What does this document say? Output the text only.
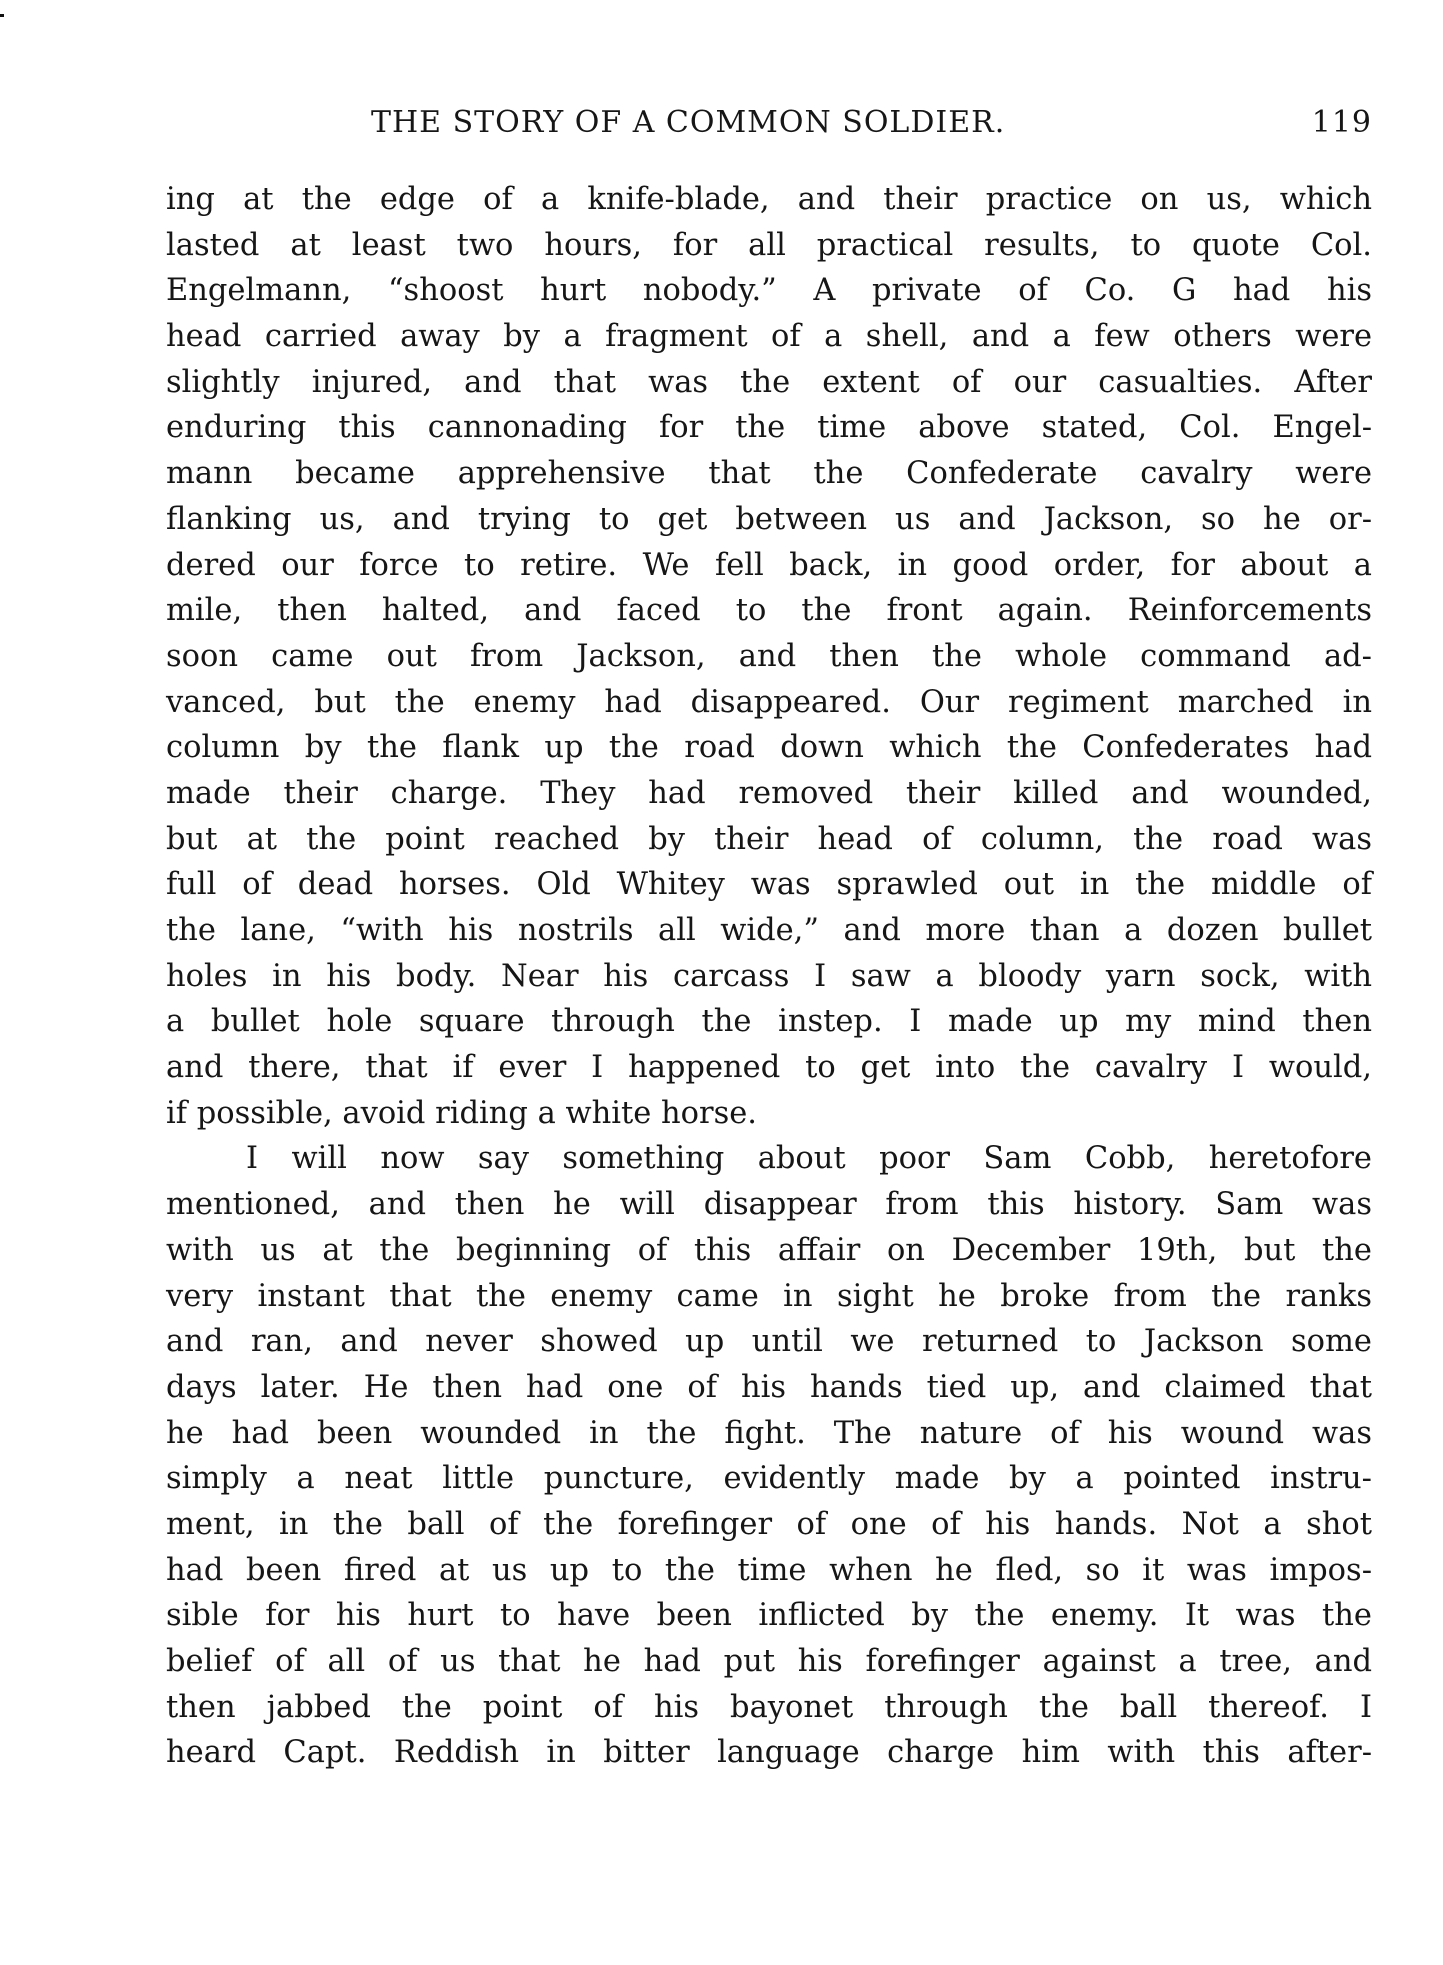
THE STORY OF A COMMON SOLDIER.	119
ing at the edge of a knife-blade, and their practice on us, which
lasted at least two hours, for all practical results, to quote Col.
Engelmann, “shoost hurt nobody.” A private of Co. G had his
head carried away by a fragment of a shell, and a few others were
slightly injured, and that was the extent of our casualties. After
enduring this cannonading for the time above stated, Col. Engel-
mann became apprehensive that the Confederate cavalry were
flanking us, and trying to get between us and Jackson, so he or-
dered our force to retire. We fell back, in good order, for about a
mile, then halted, and faced to the front again. Reinforcements
soon came out from Jackson, and then the whole command ad-
vanced, but the enemy had disappeared. Our regiment marched in
column by the flank up the road down which the Confederates had
made their charge. They had removed their killed and wounded,
but at the point reached by their head of column, the road was
full of dead horses. Old Whitey was sprawled out in the middle of
the lane, “with his nostrils all wide,” and more than a dozen bullet
holes in his body. Near his carcass I saw a bloody yarn sock, with
a bullet hole square through the instep. I made up my mind then
and there, that if ever I happened to get into the cavalry I would,
if possible, avoid riding a white horse.
I will now say something about poor Sam Cobb, heretofore
mentioned, and then he will disappear from this history. Sam was
with us at the beginning of this affair on December 19th, but the
very instant that the enemy came in sight he broke from the ranks
and ran, and never showed up until we returned to Jackson some
days later. He then had one of his hands tied up, and claimed that
he had been wounded in the fight. The nature of his wound was
simply a neat little puncture, evidently made by a pointed instru-
ment, in the ball of the forefinger of one of his hands. Not a shot
had been fired at us up to the time when he fled, so it was impos-
sible for his hurt to have been inflicted by the enemy. It was the
belief of all of us that he had put his forefinger against a tree, and
then jabbed the point of his bayonet through the ball thereof. I
heard Capt. Reddish in bitter language charge him with this after-
